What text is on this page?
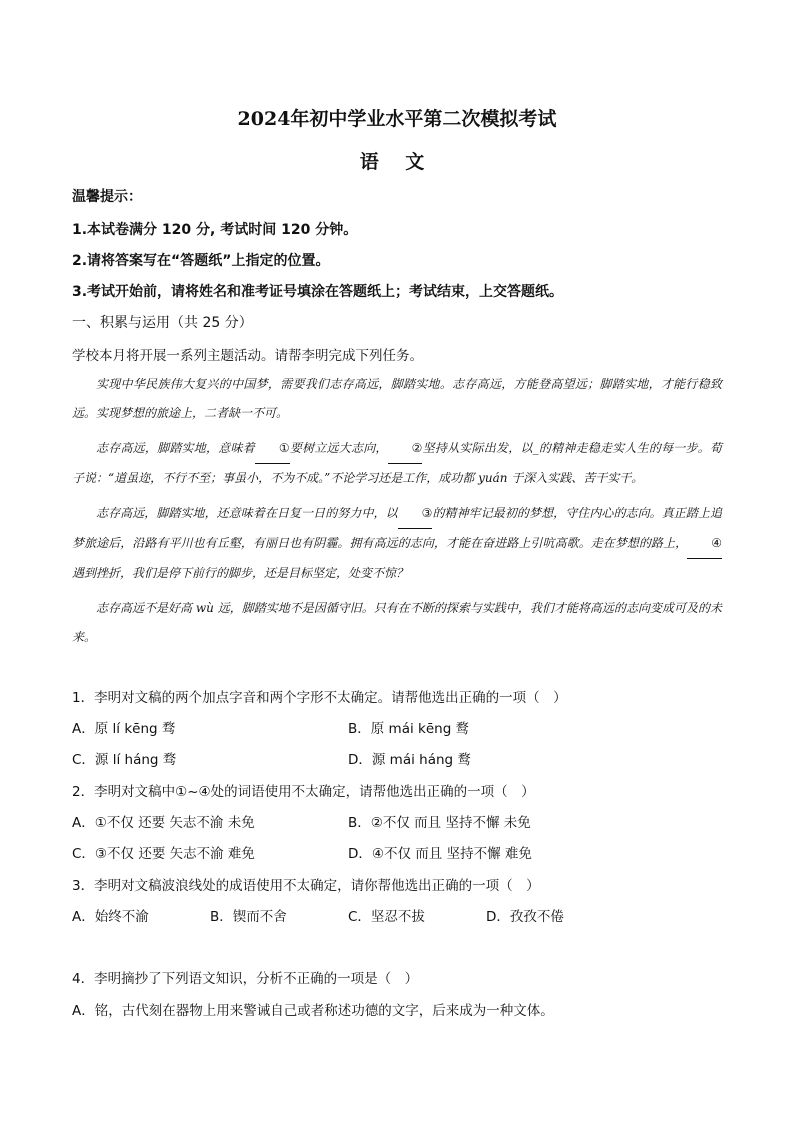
2024年初中学业水平第二次模拟考试
语 文
温馨提示：
1.本试卷满分 120 分, 考试时间 120 分钟。
2.请将答案写在“答题纸”上指定的位置。
3.考试开始前，请将姓名和准考证号填涂在答题纸上；考试结束，上交答题纸。
一、积累与运用（共 25 分）
学校本月将开展一系列主题活动。请帮李明完成下列任务。

实现中华民族伟大复兴的中国梦，需要我们志存高远，脚踏实地。志存高远，方能登高望远；脚踏实地，才能行稳致远。实现梦想的旅途上，二者缺一不可。

志存高远，脚踏实地，意味着 ①要树立远大志向， ②坚持从实际出发，以_的精神走稳走实人生的每一步。荀子说：“道虽迩，不行不至；事虽小，不为不成。”不论学习还是工作，成功都 yuán 于深入实践、苦干实干。

志存高远，脚踏实地，还意味着在日复一日的努力中，以 ③的精神牢记最初的梦想，守住内心的志向。真正踏上追梦旅途后，沿路有平川也有丘壑，有丽日也有阴霾。拥有高远的志向，才能在奋进路上引吭高歌。走在梦想的路上， ④遇到挫折，我们是停下前行的脚步，还是目标坚定，处变不惊？

志存高远不是好高 wù 远，脚踏实地不是因循守旧。只有在不断的探索与实践中，我们才能将高远的志向变成可及的未来。

1．李明对文稿的两个加点字音和两个字形不太确定。请帮他选出正确的一项（　）
A．原 lí kēng 骛	B．原 mái kēng 鹜
C．源 lí háng 骛	D．源 mái háng 鹜
2．李明对文稿中①~④处的词语使用不太确定，请帮他选出正确的一项（　）
A．①不仅 还要 矢志不渝 未免	B．②不仅 而且 坚持不懈 未免
C．③不仅 还要 矢志不渝 难免	D．④不仅 而且 坚持不懈 难免
3．李明对文稿波浪线处的成语使用不太确定，请你帮他选出正确的一项（　）
A．始终不渝	B．锲而不舍	C．坚忍不拔	D．孜孜不倦
4．李明摘抄了下列语文知识，分析不正确的一项是（　）
A．铭，古代刻在器物上用来警诫自己或者称述功德的文字，后来成为一种文体。
